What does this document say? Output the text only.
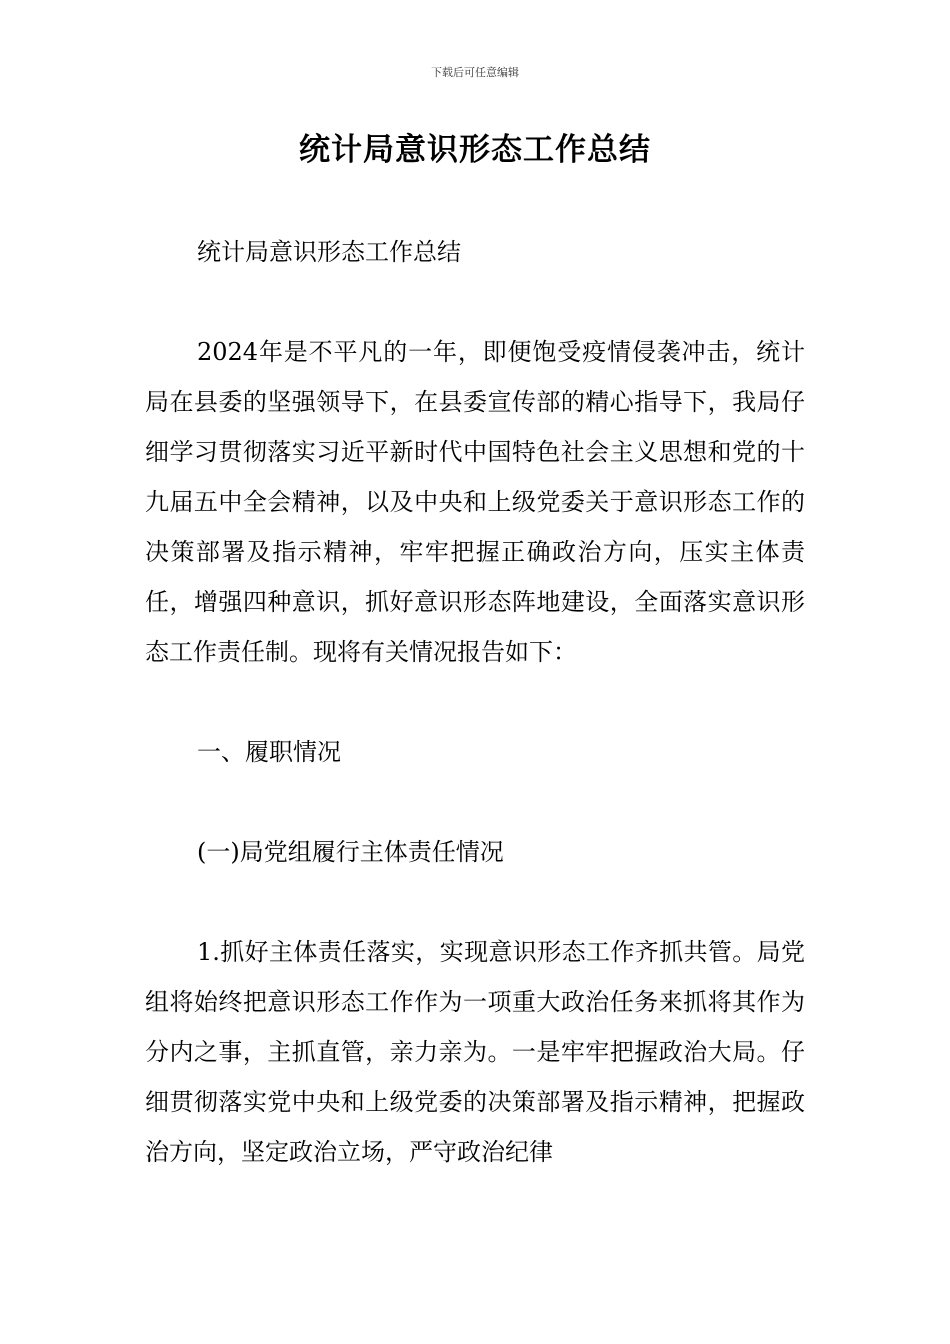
下载后可任意编辑
统计局意识形态工作总结

统计局意识形态工作总结

2024年是不平凡的一年，即便饱受疫情侵袭冲击，统计局在县委的坚强领导下，在县委宣传部的精心指导下，我局仔细学习贯彻落实习近平新时代中国特色社会主义思想和党的十九届五中全会精神，以及中央和上级党委关于意识形态工作的决策部署及指示精神，牢牢把握正确政治方向，压实主体责任，增强四种意识，抓好意识形态阵地建设，全面落实意识形态工作责任制。现将有关情况报告如下：

一、履职情况

(一)局党组履行主体责任情况

1.抓好主体责任落实，实现意识形态工作齐抓共管。局党组将始终把意识形态工作作为一项重大政治任务来抓将其作为分内之事，主抓直管，亲力亲为。一是牢牢把握政治大局。仔细贯彻落实党中央和上级党委的决策部署及指示精神，把握政治方向，坚定政治立场，严守政治纪律
